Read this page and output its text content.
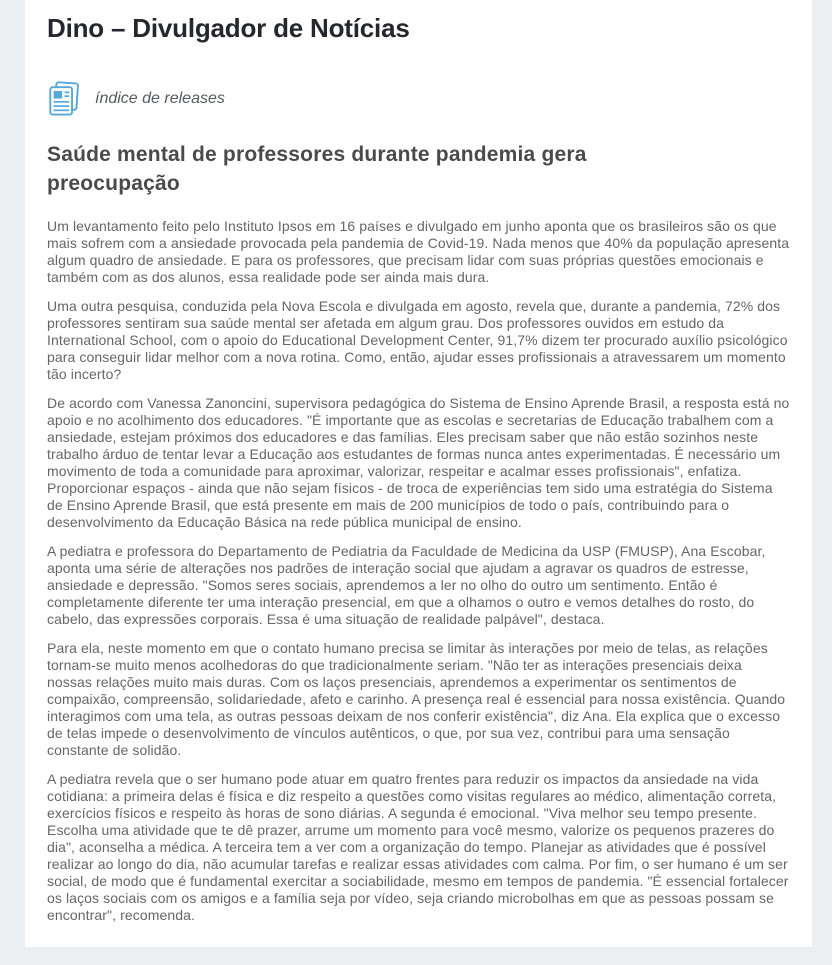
Dino – Divulgador de Notícias
índice de releases
Saúde mental de professores durante pandemia gera preocupação

Um levantamento feito pelo Instituto Ipsos em 16 países e divulgado em junho aponta que os brasileiros são os que mais sofrem com a ansiedade provocada pela pandemia de Covid-19. Nada menos que 40% da população apresenta algum quadro de ansiedade. E para os professores, que precisam lidar com suas próprias questões emocionais e também com as dos alunos, essa realidade pode ser ainda mais dura.

Uma outra pesquisa, conduzida pela Nova Escola e divulgada em agosto, revela que, durante a pandemia, 72% dos professores sentiram sua saúde mental ser afetada em algum grau. Dos professores ouvidos em estudo da International School, com o apoio do Educational Development Center, 91,7% dizem ter procurado auxílio psicológico para conseguir lidar melhor com a nova rotina. Como, então, ajudar esses profissionais a atravessarem um momento tão incerto?

De acordo com Vanessa Zanoncini, supervisora pedagógica do Sistema de Ensino Aprende Brasil, a resposta está no apoio e no acolhimento dos educadores. "É importante que as escolas e secretarias de Educação trabalhem com a ansiedade, estejam próximos dos educadores e das famílias. Eles precisam saber que não estão sozinhos neste trabalho árduo de tentar levar a Educação aos estudantes de formas nunca antes experimentadas. É necessário um movimento de toda a comunidade para aproximar, valorizar, respeitar e acalmar esses profissionais", enfatiza. Proporcionar espaços - ainda que não sejam físicos - de troca de experiências tem sido uma estratégia do Sistema de Ensino Aprende Brasil, que está presente em mais de 200 municípios de todo o país, contribuindo para o desenvolvimento da Educação Básica na rede pública municipal de ensino.

A pediatra e professora do Departamento de Pediatria da Faculdade de Medicina da USP (FMUSP), Ana Escobar, aponta uma série de alterações nos padrões de interação social que ajudam a agravar os quadros de estresse, ansiedade e depressão. "Somos seres sociais, aprendemos a ler no olho do outro um sentimento. Então é completamente diferente ter uma interação presencial, em que a olhamos o outro e vemos detalhes do rosto, do cabelo, das expressões corporais. Essa é uma situação de realidade palpável", destaca.

Para ela, neste momento em que o contato humano precisa se limitar às interações por meio de telas, as relações tornam-se muito menos acolhedoras do que tradicionalmente seriam. "Não ter as interações presenciais deixa nossas relações muito mais duras. Com os laços presenciais, aprendemos a experimentar os sentimentos de compaixão, compreensão, solidariedade, afeto e carinho. A presença real é essencial para nossa existência. Quando interagimos com uma tela, as outras pessoas deixam de nos conferir existência", diz Ana. Ela explica que o excesso de telas impede o desenvolvimento de vínculos autênticos, o que, por sua vez, contribui para uma sensação constante de solidão.

A pediatra revela que o ser humano pode atuar em quatro frentes para reduzir os impactos da ansiedade na vida cotidiana: a primeira delas é física e diz respeito a questões como visitas regulares ao médico, alimentação correta, exercícios físicos e respeito às horas de sono diárias. A segunda é emocional. "Viva melhor seu tempo presente. Escolha uma atividade que te dê prazer, arrume um momento para você mesmo, valorize os pequenos prazeres do dia", aconselha a médica. A terceira tem a ver com a organização do tempo. Planejar as atividades que é possível realizar ao longo do dia, não acumular tarefas e realizar essas atividades com calma. Por fim, o ser humano é um ser social, de modo que é fundamental exercitar a sociabilidade, mesmo em tempos de pandemia. "É essencial fortalecer os laços sociais com os amigos e a família seja por vídeo, seja criando microbolhas em que as pessoas possam se encontrar", recomenda.
